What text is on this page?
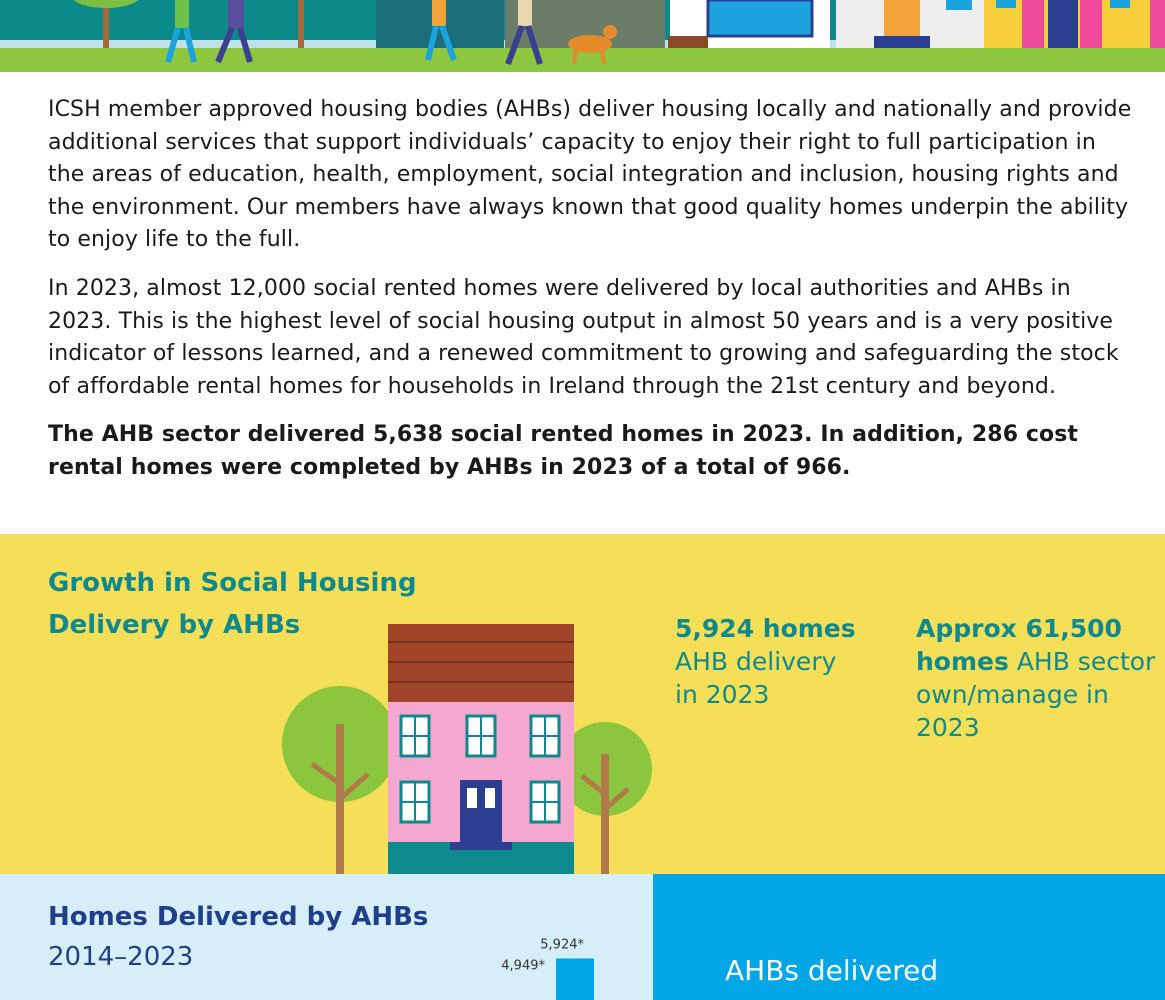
ICSH member approved housing bodies (AHBs) deliver housing locally and nationally and provide additional services that support individuals’ capacity to enjoy their right to full participation in the areas of education, health, employment, social integration and inclusion, housing rights and the environment. Our members have always known that good quality homes underpin the ability to enjoy life to the full.

In 2023, almost 12,000 social rented homes were delivered by local authorities and AHBs in 2023. This is the highest level of social housing output in almost 50 years and is a very positive indicator of lessons learned, and a renewed commitment to growing and safeguarding the stock of affordable rental homes for households in Ireland through the 21st century and beyond.

The AHB sector delivered 5,638 social rented homes in 2023. In addition, 286 cost rental homes were completed by AHBs in 2023 of a total of 966.

Growth in Social Housing
Delivery by AHBs	5,924 homes
AHB delivery
in 2023
Approx 61,500
homes AHB sector
own/manage in
2023
Homes Delivered by AHBs
2014–2023	4,949*
5,924*
AHBs delivered
